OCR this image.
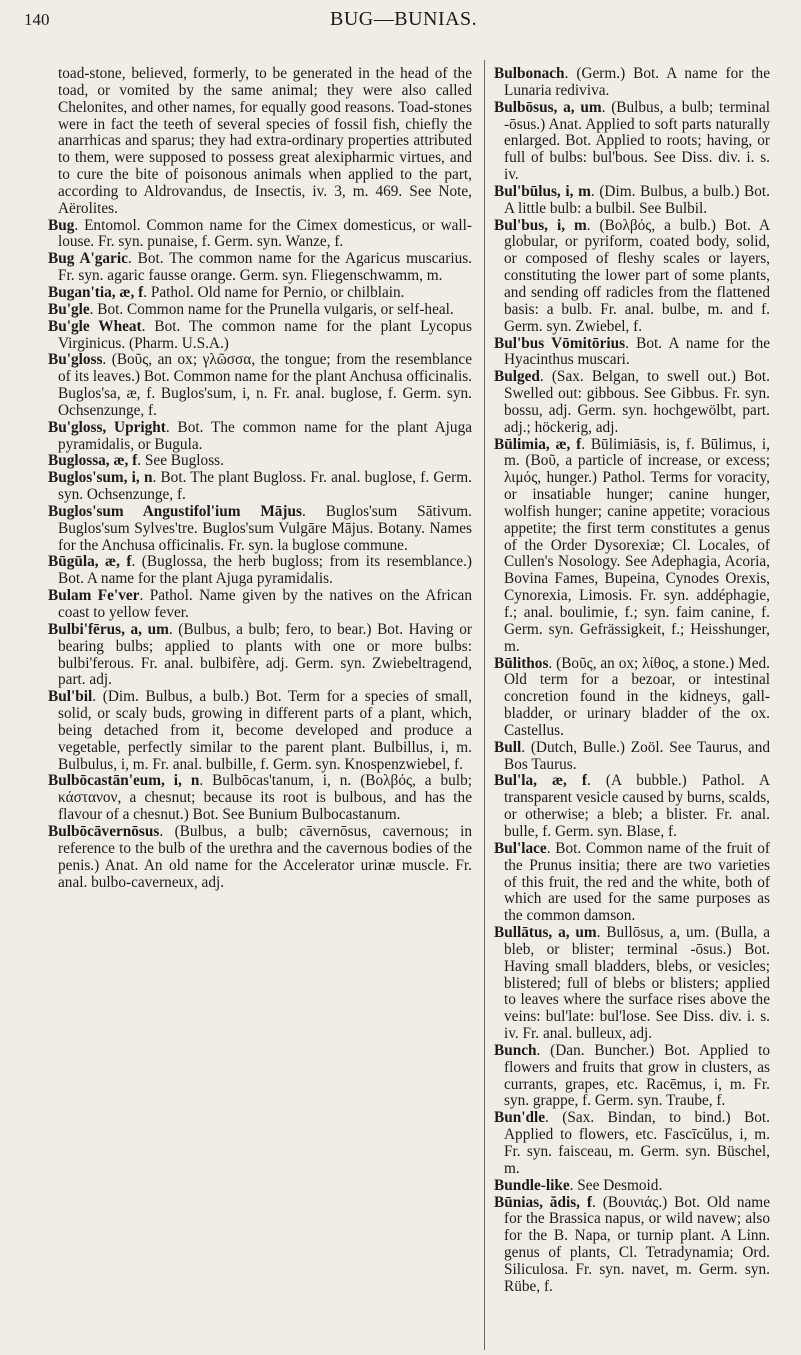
140	BUG—BUNIAS.
toad-stone, believed, formerly, to be generated in the head of the toad, or vomited by the same animal; they were also called Chelonites, and other names, for equally good reasons. Toad-stones were in fact the teeth of several species of fossil fish, chiefly the anarrhicas and sparus; they had extra-ordinary properties attributed to them, were supposed to possess great alexipharmic virtues, and to cure the bite of poisonous animals when applied to the part, according to Aldrovandus, de Insectis, iv. 3, m. 469. See Note, Aërolites.
Bug. Entomol. Common name for the Cimex domesticus, or wall-louse. Fr. syn. punaise, f. Germ. syn. Wanze, f.
Bug A'garic. Bot. The common name for the Agaricus muscarius. Fr. syn. agaric fausse orange. Germ. syn. Fliegenschwamm, m.
Bugan'tia, æ, f. Pathol. Old name for Pernio, or chilblain.
Bu'gle. Bot. Common name for the Prunella vulgaris, or self-heal.
Bu'gle Wheat. Bot. The common name for the plant Lycopus Virginicus. (Pharm. U.S.A.)
Bu'gloss. (Βοῦς, an ox; γλῶσσα, the tongue; from the resemblance of its leaves.) Bot. Common name for the plant Anchusa officinalis. Buglos'sa, æ, f. Buglos'sum, i, n. Fr. anal. buglose, f. Germ. syn. Ochsenzunge, f.
Bu'gloss, Upright. Bot. The common name for the plant Ajuga pyramidalis, or Bugula.
Buglossa, æ, f. See Bugloss.
Buglos'sum, i, n. Bot. The plant Bugloss. Fr. anal. buglose, f. Germ. syn. Ochsenzunge, f.
Buglos'sum Angustifol'ium Mājus. Buglos'sum Sātivum. Buglos'sum Sylves'tre. Buglos'sum Vulgāre Mājus. Botany. Names for the Anchusa officinalis. Fr. syn. la buglose commune.
Būgūla, æ, f. (Buglossa, the herb bugloss; from its resemblance.) Bot. A name for the plant Ajuga pyramidalis.
Bulam Fe'ver. Pathol. Name given by the natives on the African coast to yellow fever.
Bulbi'fērus, a, um. (Bulbus, a bulb; fero, to bear.) Bot. Having or bearing bulbs; applied to plants with one or more bulbs: bulbi'ferous. Fr. anal. bulbifère, adj. Germ. syn. Zwiebeltragend, part. adj.
Bul'bil. (Dim. Bulbus, a bulb.) Bot. Term for a species of small, solid, or scaly buds, growing in different parts of a plant, which, being detached from it, become developed and produce a vegetable, perfectly similar to the parent plant. Bulbillus, i, m. Bulbulus, i, m. Fr. anal. bulbille, f. Germ. syn. Knospenzwiebel, f.
Bulbōcastān'eum, i, n. Bulbōcas'tanum, i, n. (Βολβός, a bulb; κάστανον, a chesnut; because its root is bulbous, and has the flavour of a chesnut.) Bot. See Bunium Bulbocastanum.
Bulbōcāvernōsus. (Bulbus, a bulb; cāvernōsus, cavernous; in reference to the bulb of the urethra and the cavernous bodies of the penis.) Anat. An old name for the Accelerator urinæ muscle. Fr. anal. bulbo-caverneux, adj.
Bulbonach. (Germ.) Bot. A name for the Lunaria rediviva.
Bulbōsus, a, um. (Bulbus, a bulb; terminal -ōsus.) Anat. Applied to soft parts naturally enlarged. Bot. Applied to roots; having, or full of bulbs: bul'bous. See Diss. div. i. s. iv.
Bul'būlus, i, m. (Dim. Bulbus, a bulb.) Bot. A little bulb: a bulbil. See Bulbil.
Bul'bus, i, m. (Βολβός, a bulb.) Bot. A globular, or pyriform, coated body, solid, or composed of fleshy scales or layers, constituting the lower part of some plants, and sending off radicles from the flattened basis: a bulb. Fr. anal. bulbe, m. and f. Germ. syn. Zwiebel, f.
Bul'bus Vōmitōrius. Bot. A name for the Hyacinthus muscari.
Bulged. (Sax. Belgan, to swell out.) Bot. Swelled out: gibbous. See Gibbus. Fr. syn. bossu, adj. Germ. syn. hochgewölbt, part. adj.; höckerig, adj.
Būlimia, æ, f. Būlimiāsis, is, f. Būlimus, i, m. (Βοῦ, a particle of increase, or excess; λιμός, hunger.) Pathol. Terms for voracity, or insatiable hunger; canine hunger, wolfish hunger; canine appetite; voracious appetite; the first term constitutes a genus of the Order Dysorexiæ; Cl. Locales, of Cullen's Nosology. See Adephagia, Acoria, Bovina Fames, Bupeina, Cynodes Orexis, Cynorexia, Limosis. Fr. syn. addéphagie, f.; anal. boulimie, f.; syn. faim canine, f. Germ. syn. Gefrässigkeit, f.; Heisshunger, m.
Būlithos. (Βοῦς, an ox; λίθος, a stone.) Med. Old term for a bezoar, or intestinal concretion found in the kidneys, gall-bladder, or urinary bladder of the ox. Castellus.
Bull. (Dutch, Bulle.) Zoöl. See Taurus, and Bos Taurus.
Bul'la, æ, f. (A bubble.) Pathol. A transparent vesicle caused by burns, scalds, or otherwise; a bleb; a blister. Fr. anal. bulle, f. Germ. syn. Blase, f.
Bul'lace. Bot. Common name of the fruit of the Prunus insitia; there are two varieties of this fruit, the red and the white, both of which are used for the same purposes as the common damson.
Bullātus, a, um. Bullōsus, a, um. (Bulla, a bleb, or blister; terminal -ōsus.) Bot. Having small bladders, blebs, or vesicles; blistered; full of blebs or blisters; applied to leaves where the surface rises above the veins: bul'late: bul'lose. See Diss. div. i. s. iv. Fr. anal. bulleux, adj.
Bunch. (Dan. Buncher.) Bot. Applied to flowers and fruits that grow in clusters, as currants, grapes, etc. Racēmus, i, m. Fr. syn. grappe, f. Germ. syn. Traube, f.
Bun'dle. (Sax. Bindan, to bind.) Bot. Applied to flowers, etc. Fascīcŭlus, i, m. Fr. syn. faisceau, m. Germ. syn. Büschel, m.
Bundle-like. See Desmoid.
Būnias, ădis, f. (Βουνιάς.) Bot. Old name for the Brassica napus, or wild navew; also for the B. Napa, or turnip plant. A Linn. genus of plants, Cl. Tetradynamia; Ord. Siliculosa. Fr. syn. navet, m. Germ. syn. Rübe, f.
